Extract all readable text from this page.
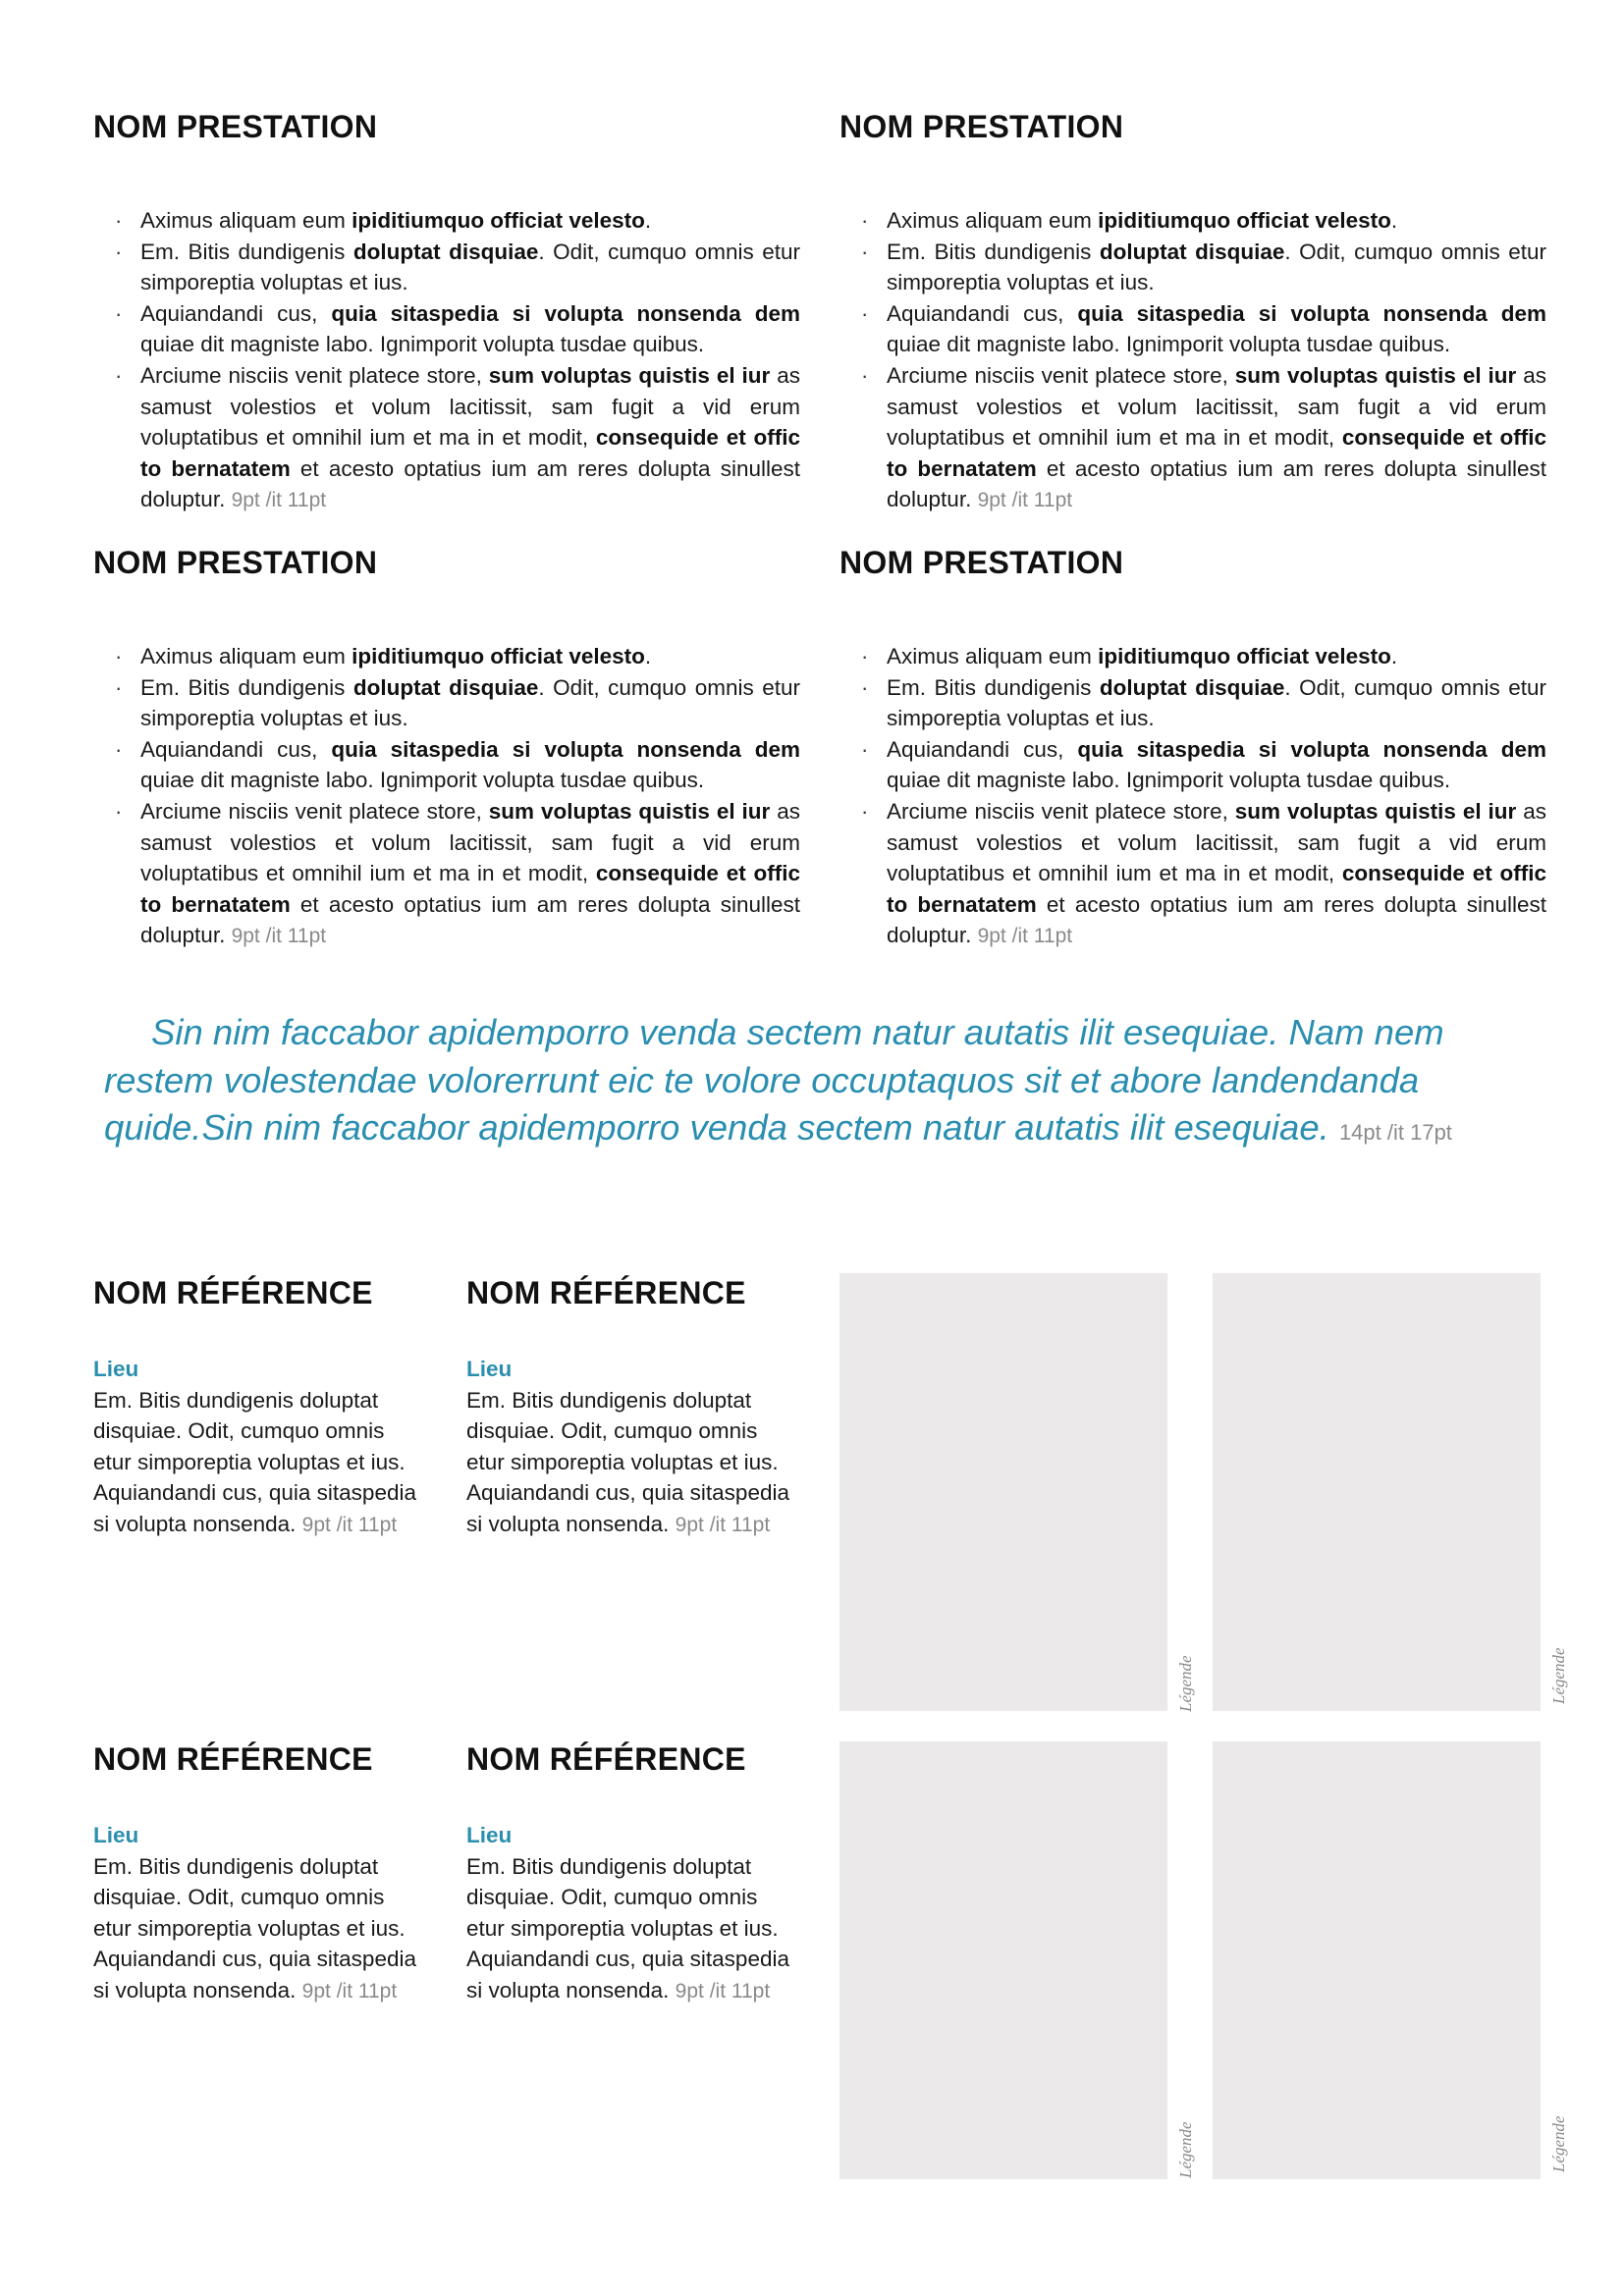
NOM PRESTATION
· Aximus aliquam eum ipiditiumquo officiat velesto.
· Em. Bitis dundigenis doluptat disquiae. Odit, cumquo omnis etur simporeptia voluptas et ius.
· Aquiandandi cus, quia sitaspedia si volupta nonsenda dem quiae dit magniste labo. Ignimporit volupta tusdae quibus.
· Arciume nisciis venit platece store, sum voluptas quistis el iur as samust volestios et volum lacitissit, sam fugit a vid erum voluptatibus et omnihil ium et ma in et modit, consequide et offic to bernatatem et acesto optatius ium am reres dolupta sinullest doluptur. 9pt /it 11pt
NOM PRESTATION
· Aximus aliquam eum ipiditiumquo officiat velesto.
· Em. Bitis dundigenis doluptat disquiae. Odit, cumquo omnis etur simporeptia voluptas et ius.
· Aquiandandi cus, quia sitaspedia si volupta nonsenda dem quiae dit magniste labo. Ignimporit volupta tusdae quibus.
· Arciume nisciis venit platece store, sum voluptas quistis el iur as samust volestios et volum lacitissit, sam fugit a vid erum voluptatibus et omnihil ium et ma in et modit, consequide et offic to bernatatem et acesto optatius ium am reres dolupta sinullest doluptur. 9pt /it 11pt
NOM PRESTATION
· Aximus aliquam eum ipiditiumquo officiat velesto.
· Em. Bitis dundigenis doluptat disquiae. Odit, cumquo omnis etur simporeptia voluptas et ius.
· Aquiandandi cus, quia sitaspedia si volupta nonsenda dem quiae dit magniste labo. Ignimporit volupta tusdae quibus.
· Arciume nisciis venit platece store, sum voluptas quistis el iur as samust volestios et volum lacitissit, sam fugit a vid erum voluptatibus et omnihil ium et ma in et modit, consequide et offic to bernatatem et acesto optatius ium am reres dolupta sinullest doluptur. 9pt /it 11pt
NOM PRESTATION
· Aximus aliquam eum ipiditiumquo officiat velesto.
· Em. Bitis dundigenis doluptat disquiae. Odit, cumquo omnis etur simporeptia voluptas et ius.
· Aquiandandi cus, quia sitaspedia si volupta nonsenda dem quiae dit magniste labo. Ignimporit volupta tusdae quibus.
· Arciume nisciis venit platece store, sum voluptas quistis el iur as samust volestios et volum lacitissit, sam fugit a vid erum voluptatibus et omnihil ium et ma in et modit, consequide et offic to bernatatem et acesto optatius ium am reres dolupta sinullest doluptur. 9pt /it 11pt

Sin nim faccabor apidemporro venda sectem natur autatis ilit esequiae. Nam nem restem volestendae volorerrunt eic te volore occuptaquos sit et abore landendanda quide.Sin nim faccabor apidemporro venda sectem natur autatis ilit esequiae. 14pt /it 17pt

NOM RÉFÉRENCE
Lieu
Em. Bitis dundigenis doluptat disquiae. Odit, cumquo omnis etur simporeptia voluptas et ius. Aquiandandi cus, quia sitaspedia si volupta nonsenda. 9pt /it 11pt
NOM RÉFÉRENCE
Lieu
Em. Bitis dundigenis doluptat disquiae. Odit, cumquo omnis etur simporeptia voluptas et ius. Aquiandandi cus, quia sitaspedia si volupta nonsenda. 9pt /it 11pt
NOM RÉFÉRENCE
Lieu
Em. Bitis dundigenis doluptat disquiae. Odit, cumquo omnis etur simporeptia voluptas et ius. Aquiandandi cus, quia sitaspedia si volupta nonsenda. 9pt /it 11pt
NOM RÉFÉRENCE
Lieu
Em. Bitis dundigenis doluptat disquiae. Odit, cumquo omnis etur simporeptia voluptas et ius. Aquiandandi cus, quia sitaspedia si volupta nonsenda. 9pt /it 11pt
Légende	Légende
Légende	Légende
